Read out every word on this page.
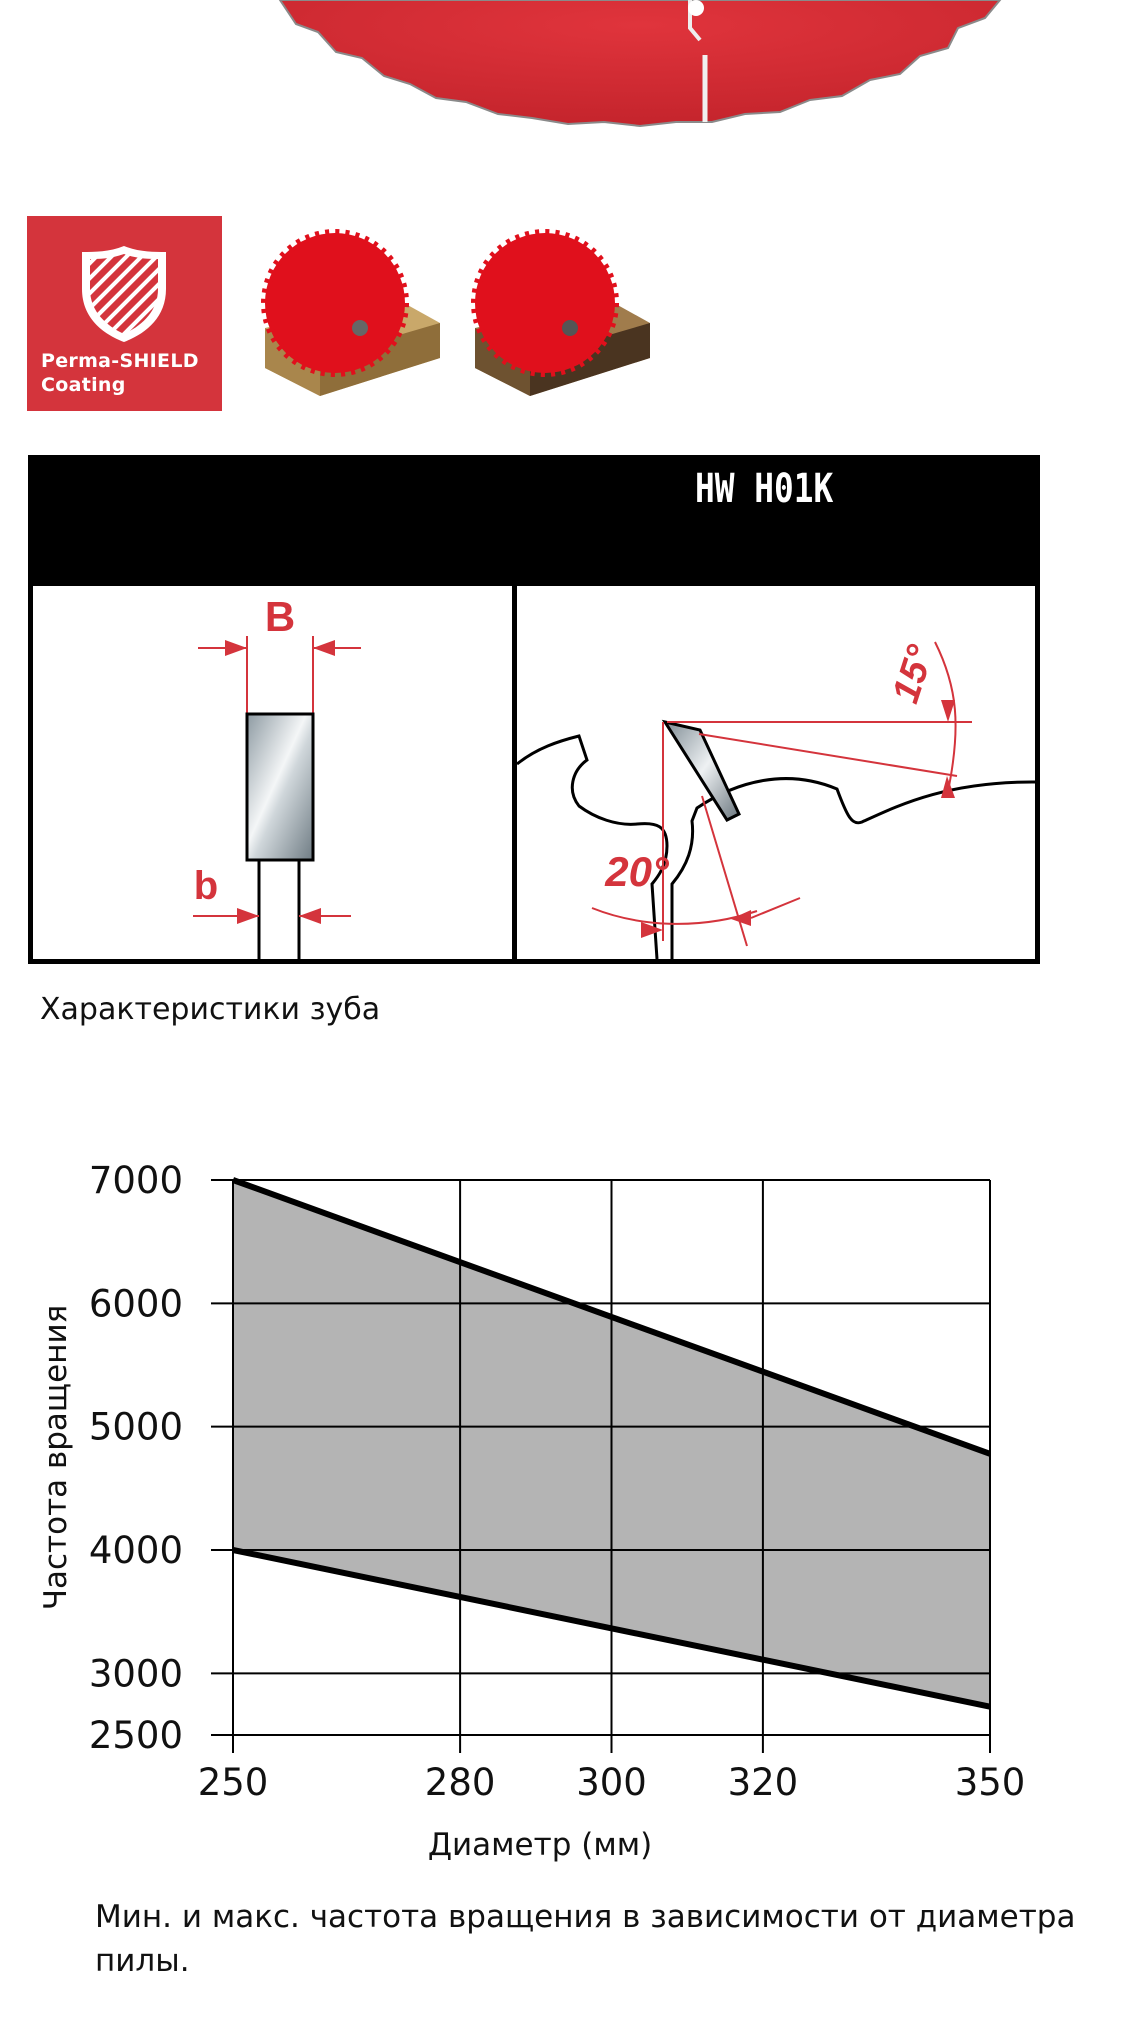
Perma-SHIELD
Coating
HW H01K
B
b
15°
20°
Характеристики зуба
2500
3000
4000
5000
6000
7000
250	280 300 320	350
Диаметр (мм)
Частота вращения
Мин. и макс. частота вращения в зависимости от диаметра пилы.
